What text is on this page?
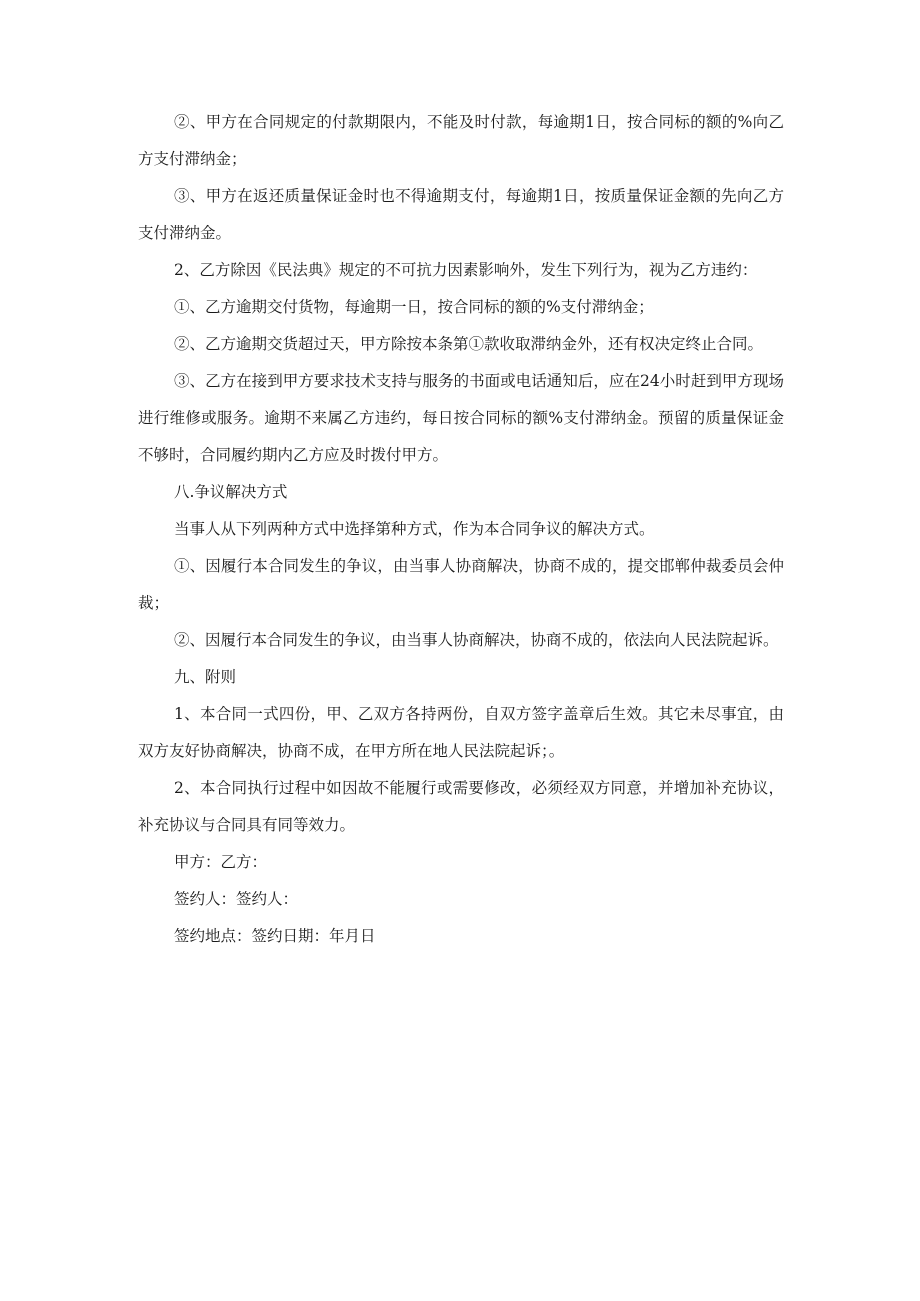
②、甲方在合同规定的付款期限内，不能及时付款，每逾期1日，按合同标的额的%向乙方支付滞纳金；

③、甲方在返还质量保证金时也不得逾期支付，每逾期1日，按质量保证金额的先向乙方支付滞纳金。

2、乙方除因《民法典》规定的不可抗力因素影响外，发生下列行为，视为乙方违约：

①、乙方逾期交付货物，每逾期一日，按合同标的额的%支付滞纳金；

②、乙方逾期交货超过天，甲方除按本条第①款收取滞纳金外，还有权决定终止合同。

③、乙方在接到甲方要求技术支持与服务的书面或电话通知后，应在24小时赶到甲方现场进行维修或服务。逾期不来属乙方违约，每日按合同标的额%支付滞纳金。预留的质量保证金不够时，合同履约期内乙方应及时拨付甲方。

八.争议解决方式

当事人从下列两种方式中选择第种方式，作为本合同争议的解决方式。

①、因履行本合同发生的争议，由当事人协商解决，协商不成的，提交邯郸仲裁委员会仲裁；

②、因履行本合同发生的争议，由当事人协商解决，协商不成的，依法向人民法院起诉。

九、附则

1、本合同一式四份，甲、乙双方各持两份，自双方签字盖章后生效。其它未尽事宜，由双方友好协商解决，协商不成，在甲方所在地人民法院起诉；。

2、本合同执行过程中如因故不能履行或需要修改，必须经双方同意，并增加补充协议，补充协议与合同具有同等效力。

甲方：乙方：

签约人：签约人：

签约地点：签约日期：年月日
